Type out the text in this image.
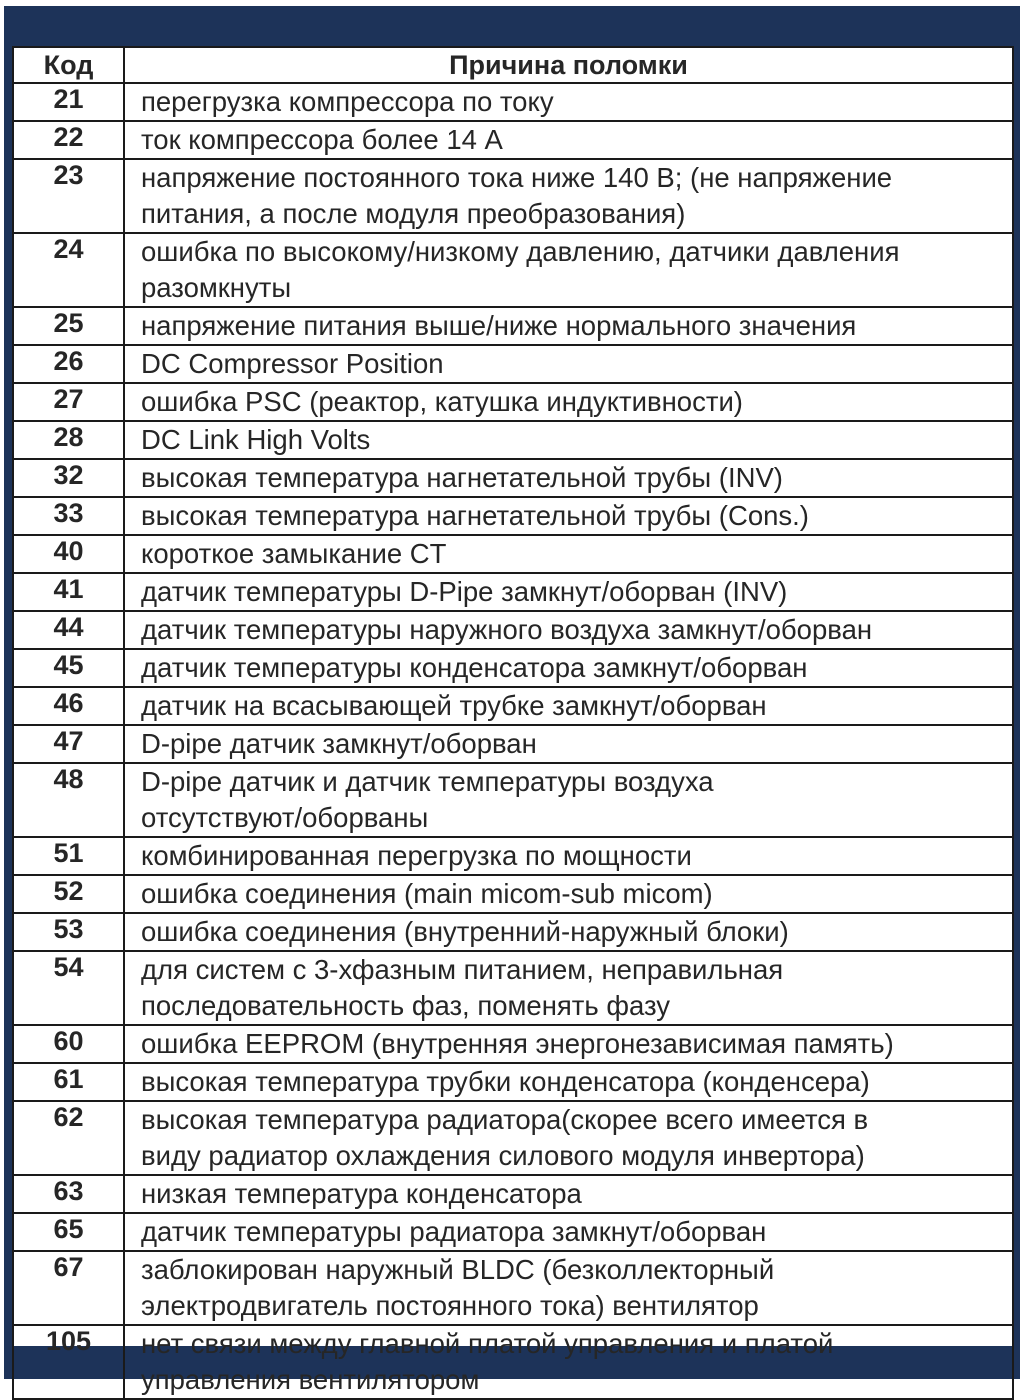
Код	Причина поломки
21	перегрузка компрессора по току

22	ток компрессора более 14 А

23	напряжение постоянного тока ниже 140 В; (не напряжение
питания, а после модуля преобразования)

24	ошибка по высокому/низкому давлению, датчики давления
разомкнуты

25	напряжение питания выше/ниже нормального значения

26	DC Compressor Position

27	ошибка PSC (реактор, катушка индуктивности)

28	DC Link High Volts

32	высокая температура нагнетательной трубы (INV)

33	высокая температура нагнетательной трубы (Cons.)

40	короткое замыкание CT

41	датчик температуры D-Pipe замкнут/оборван (INV)

44	датчик температуры наружного воздуха замкнут/оборван

45	датчик температуры конденсатора замкнут/оборван

46	датчик на всасывающей трубке замкнут/оборван

47	D-pipe датчик замкнут/оборван

48	D-pipe датчик и датчик температуры воздуха
отсутствуют/оборваны

51	комбинированная перегрузка по мощности

52	ошибка соединения (main micom-sub micom)

53	ошибка соединения (внутренний-наружный блоки)

54	для систем с 3-хфазным питанием, неправильная
последовательность фаз, поменять фазу

60	ошибка EEPROM (внутренняя энергонезависимая память)

61	высокая температура трубки конденсатора (конденсера)

62	высокая температура радиатора(скорее всего имеется в
виду радиатор охлаждения силового модуля инвертора)

63	низкая температура конденсатора

65	датчик температуры радиатора замкнут/оборван

67	заблокирован наружный BLDC (безколлекторный
электродвигатель постоянного тока) вентилятор

105	нет связи между главной платой управления и платой
управления вентилятором
